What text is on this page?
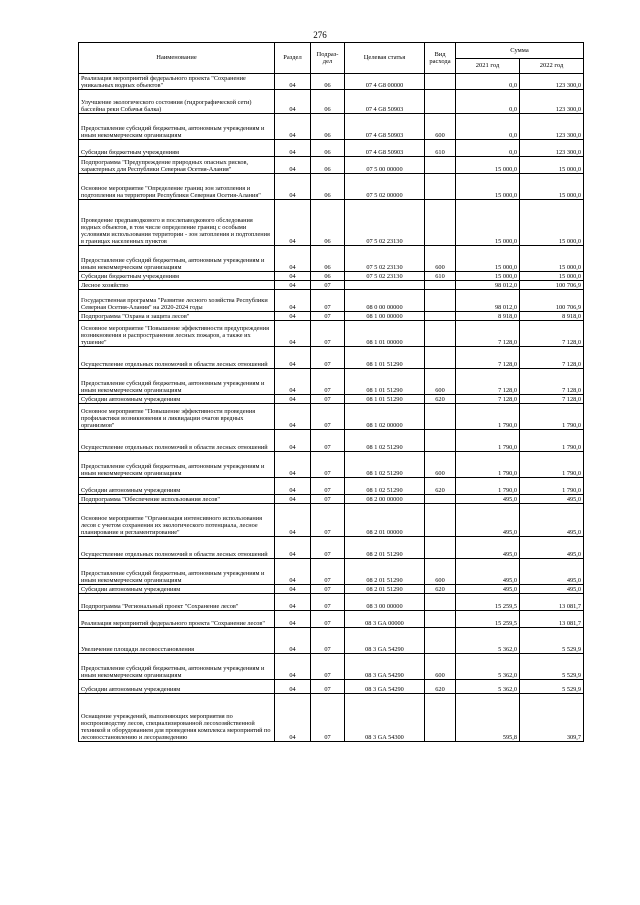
276
Наименование	Раздел	Подраз-дел	Целевая статья	Вид расхода	Сумма	
					2021 год	2022 год
Реализация мероприятий федерального проекта "Сохранение уникальных водных объектов"	04	06	07 4 G8 00000		0,0	123 300,0
Улучшение экологического состояния (гидрографической сети) бассейна реки Собачья балка)	04	06	07 4 G8 50903		0,0	123 300,0
Предоставление субсидий бюджетным, автономным учреждениям и иным некоммерческим организациям	04	06	07 4 G8 50903	600	0,0	123 300,0
Субсидии бюджетным учреждениям	04	06	07 4 G8 50903	610	0,0	123 300,0
Подпрограмма "Предупреждение природных опасных рисков, характерных для Республики Северная Осетия-Алания"	04	06	07 5 00 00000		15 000,0	15 000,0
Основное мероприятие "Определение границ зон затопления и подтопления на территории Республики Северная Осетия-Алания"	04	06	07 5 02 00000		15 000,0	15 000,0
Проведение предпаводкового и послепаводкового обследования водных объектов, в том числе определение границ с особыми условиями использования территории - зон затопления и подтопления в границах населенных пунктов	04	06	07 5 02 23130		15 000,0	15 000,0
Предоставление субсидий бюджетным, автономным учреждениям и иным некоммерческим организациям	04	06	07 5 02 23130	600	15 000,0	15 000,0
Субсидии бюджетным учреждениям	04	06	07 5 02 23130	610	15 000,0	15 000,0
Лесное хозяйство	04	07			98 012,0	100 706,9
Государственная программа "Развитие лесного хозяйства Республики Северная Осетия-Алания" на 2020-2024 годы	04	07	08 0 00 00000		98 012,0	100 706,9
Подпрограмма "Охрана и защита лесов"	04	07	08 1 00 00000		8 918,0	8 918,0
Основное мероприятие "Повышение эффективности предупреждения возникновения и распространения лесных пожаров, а также их тушение"	04	07	08 1 01 00000		7 128,0	7 128,0
Осуществление отдельных полномочий в области лесных отношений	04	07	08 1 01 51290		7 128,0	7 128,0
Предоставление субсидий бюджетным, автономным учреждениям и иным некоммерческим организациям	04	07	08 1 01 51290	600	7 128,0	7 128,0
Субсидии автономным учреждениям	04	07	08 1 01 51290	620	7 128,0	7 128,0
Основное мероприятие "Повышение эффективности проведения профилактики возникновения и ликвидации очагов вредных организмов"	04	07	08 1 02 00000		1 790,0	1 790,0
Осуществление отдельных полномочий в области лесных отношений	04	07	08 1 02 51290		1 790,0	1 790,0
Предоставление субсидий бюджетным, автономным учреждениям и иным некоммерческим организациям	04	07	08 1 02 51290	600	1 790,0	1 790,0
Субсидии автономным учреждениям	04	07	08 1 02 51290	620	1 790,0	1 790,0
Подпрограмма "Обеспечение использования лесов"	04	07	08 2 00 00000		495,0	495,0
Основное мероприятие "Организация интенсивного использования лесов с учетом сохранения их экологического потенциала, лесное планирование и регламентирование"	04	07	08 2 01 00000		495,0	495,0
Осуществление отдельных полномочий в области лесных отношений	04	07	08 2 01 51290		495,0	495,0
Предоставление субсидий бюджетным, автономным учреждениям и иным некоммерческим организациям	04	07	08 2 01 51290	600	495,0	495,0
Субсидии автономным учреждениям	04	07	08 2 01 51290	620	495,0	495,0
Подпрограмма "Региональный проект "Сохранение лесов"	04	07	08 3 00 00000		15 259,5	13 081,7
Реализация мероприятий федерального проекта "Сохранение лесов"	04	07	08 3 GA 00000		15 259,5	13 081,7
Увеличение площади лесовосстановления	04	07	08 3 GA 54290		5 362,0	5 529,9
Предоставление субсидий бюджетным, автономным учреждениям и иным некоммерческим организациям	04	07	08 3 GA 54290	600	5 362,0	5 529,9
Субсидии автономным учреждениям	04	07	08 3 GA 54290	620	5 362,0	5 529,9
Оснащение учреждений, выполняющих мероприятия по воспроизводству лесов, специализированной лесохозяйственной техникой и оборудованием для проведения комплекса мероприятий по лесовосстановлению и лесоразведению	04	07	08 3 GA 54300		595,8	309,7
